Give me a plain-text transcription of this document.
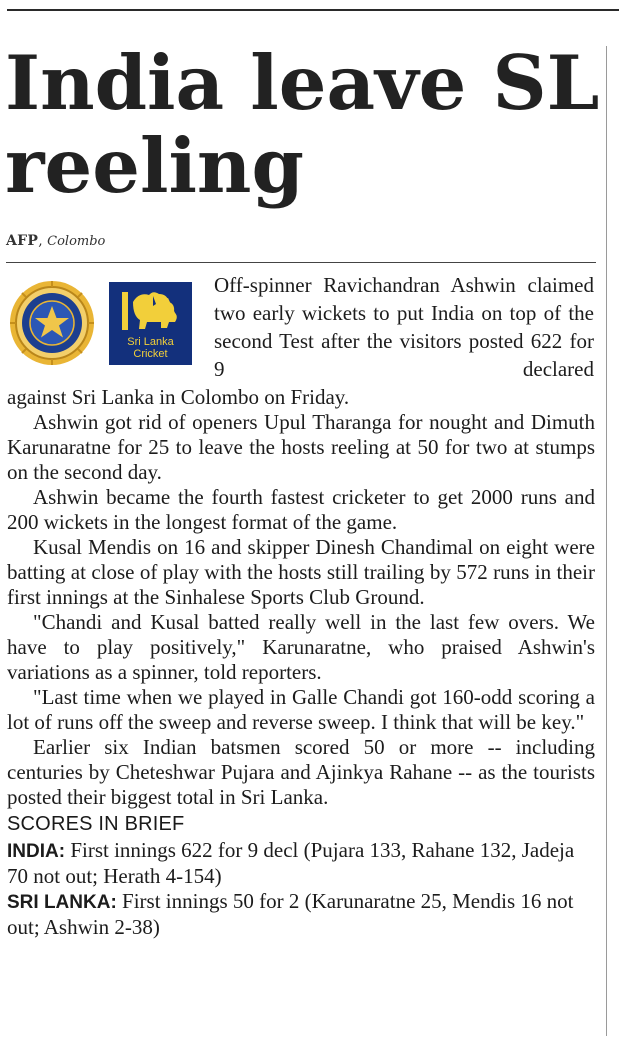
India leave SL reeling
AFP, Colombo
Sri Lanka
Cricket

Off-spinner Ravichandran Ashwin claimed two early wickets to put India on top of the second Test after the visitors posted 622 for 9 declared

against Sri Lanka in Colombo on Friday.

Ashwin got rid of openers Upul Tharanga for nought and Dimuth Karunaratne for 25 to leave the hosts reeling at 50 for two at stumps on the second day.

Ashwin became the fourth fastest cricketer to get 2000 runs and 200 wickets in the longest format of the game.

Kusal Mendis on 16 and skipper Dinesh Chandimal on eight were batting at close of play with the hosts still trailing by 572 runs in their first innings at the Sinhalese Sports Club Ground.

"Chandi and Kusal batted really well in the last few overs. We have to play positively," Karunaratne, who praised Ashwin's variations as a spinner, told reporters.

"Last time when we played in Galle Chandi got 160-odd scoring a lot of runs off the sweep and reverse sweep. I think that will be key."

Earlier six Indian batsmen scored 50 or more -- including centuries by Cheteshwar Pujara and Ajinkya Rahane -- as the tourists posted their biggest total in Sri Lanka.

SCORES IN BRIEF

INDIA: First innings 622 for 9 decl (Pujara 133, Rahane 132, Jadeja 70 not out; Herath 4-154)

SRI LANKA: First innings 50 for 2 (Karunaratne 25, Mendis 16 not out; Ashwin 2-38)
